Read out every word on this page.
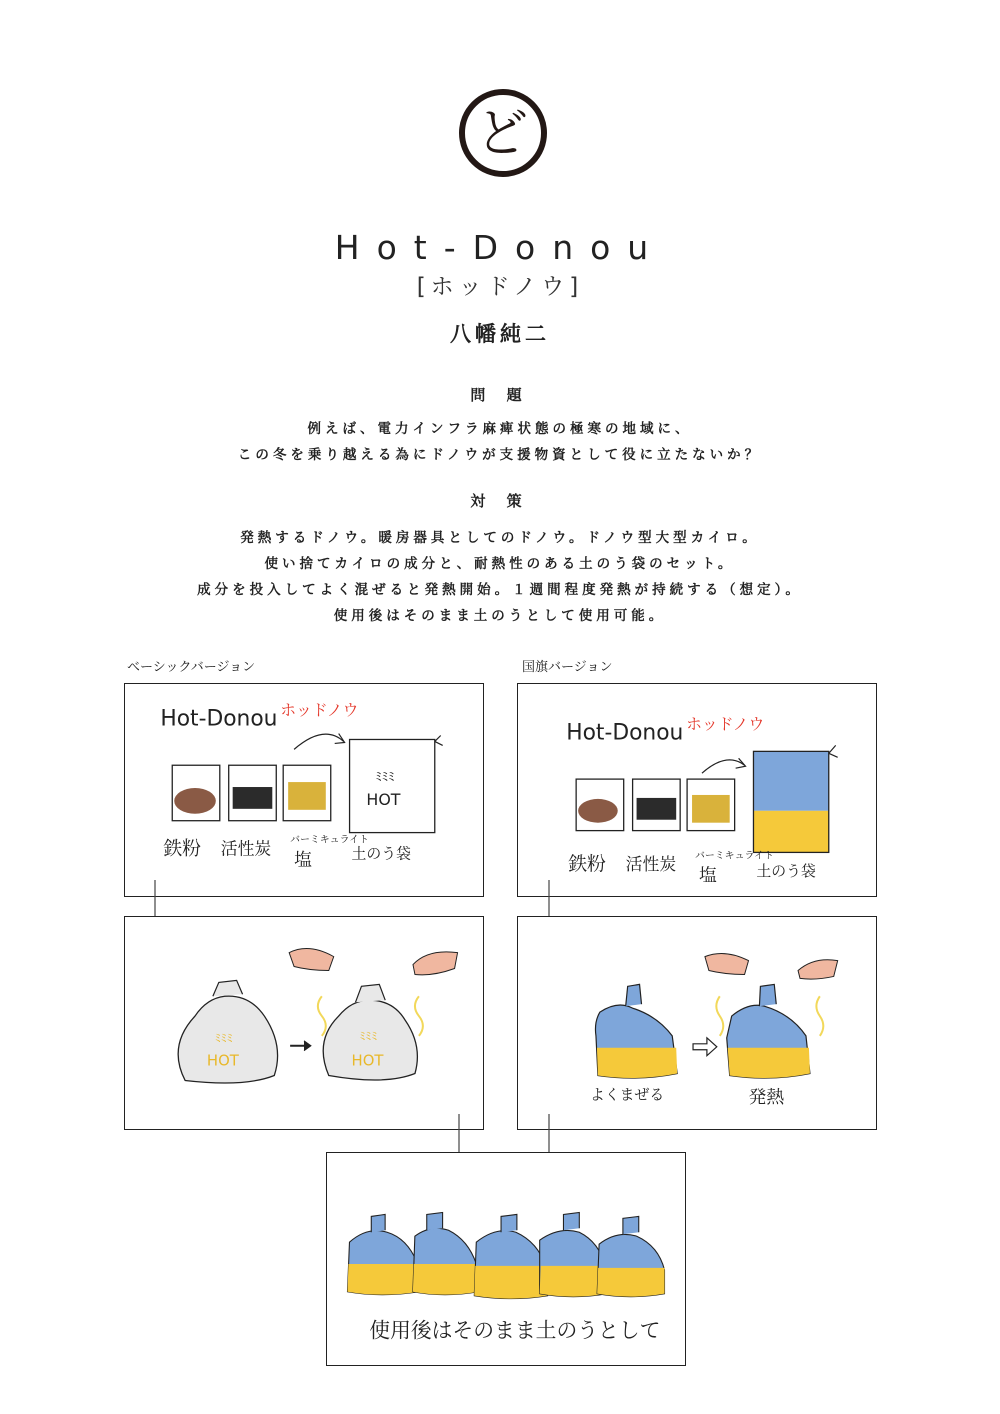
ど
Hot-Donou
[ホッドノウ]
八幡純二
問 題
例えば、電力インフラ麻痺状態の極寒の地域に、
この冬を乗り越える為にドノウが支援物資として役に立たないか？
対 策
発熱するドノウ。暖房器具としてのドノウ。ドノウ型大型カイロ。
使い捨てカイロの成分と、耐熱性のある土のう袋のセット。
成分を投入してよく混ぜると発熱開始。１週間程度発熱が持続する（想定）。
使用後はそのまま土のうとして使用可能。
ベーシックバージョン	国旗バージョン
Hot-Donou ホッドノウ
ﾐﾐﾐ
HOT
鉄粉 活性炭 バーミキュライト
塩	土のう袋
Hot-Donou ホッドノウ
鉄粉 活性炭 バーミキュライト
塩	土のう袋
ﾐﾐﾐ
HOT
ﾐﾐﾐ
HOT
よくまぜる	発熱
使用後はそのまま土のうとして
